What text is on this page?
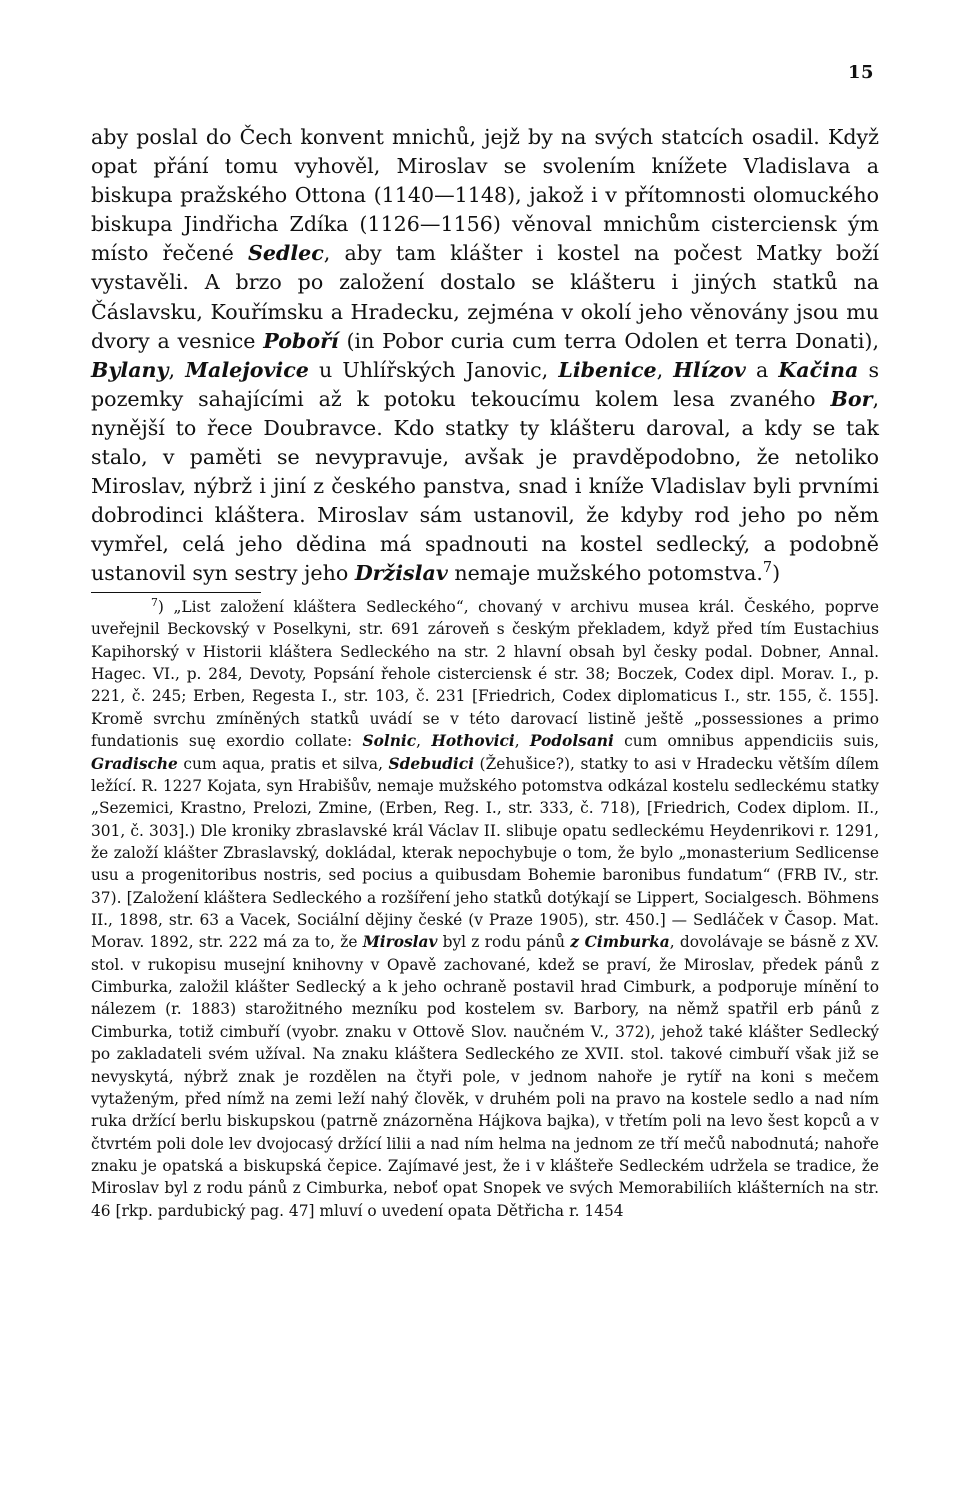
15

aby poslal do Čech konvent mnichů, jejž by na svých statcích osadil. Když opat přání tomu vyhověl, Miroslav se svolením knížete Vladislava a biskupa pražského Ottona (1140—1148), jakož i v přítomnosti olomuckého biskupa Jindřicha Zdíka (1126—1156) věnoval mnichům cisterciensk ým místo řečené Sedlec, aby tam klášter i kostel na počest Matky boží vystavěli. A brzo po založení dostalo se klášteru i jiných statků na Čáslavsku, Kouřímsku a Hradecku, zejména v okolí jeho věnovány jsou mu dvory a vesnice Poboří (in Pobor curia cum terra Odolen et terra Donati), Bylany, Malejovice u Uhlířských Janovic, Libenice, Hlízov a Kačina s pozemky sahajícími až k potoku tekoucímu kolem lesa zvaného Bor, nynější to řece Doubravce. Kdo statky ty klášteru daroval, a kdy se tak stalo, v paměti se nevypravuje, avšak je pravděpodobno, že netoliko Miroslav, nýbrž i jiní z českého panstva, snad i kníže Vladislav byli prvními dobrodinci kláštera. Miroslav sám ustanovil, že kdyby rod jeho po něm vymřel, celá jeho dědina má spadnouti na kostel sedlecký, a podobně ustanovil syn sestry jeho Držislav nemaje mužského potomstva.$^7$)

$^7$) „List založení kláštera Sedleckého“, chovaný v archivu musea král. Českého, poprve uveřejnil Beckovský v Poselkyni, str. 691 zároveň s českým překladem, když před tím Eustachius Kapihorský v Historii kláštera Sedleckého na str. 2 hlavní obsah byl česky podal. Dobner, Annal. Hagec. VI., p. 284, Devoty, Popsání řehole cisterciensk é str. 38; Boczek, Codex dipl. Morav. I., p. 221, č. 245; Erben, Regesta I., str. 103, č. 231 [Friedrich, Codex diplomaticus I., str. 155, č. 155]. Kromě svrchu zmíněných statků uvádí se v této darovací listině ještě „possessiones a primo fundationis suę exordio collate: Solnic, Hothovici, Podolsani cum omnibus appendiciis suis, Gradische cum aqua, pratis et silva, Sdebudici (Žehušice?), statky to asi v Hradecku větším dílem ležící. R. 1227 Kojata, syn Hrabišův, nemaje mužského potomstva odkázal kostelu sedleckému statky „Sezemici, Krastno, Prelozi, Zmine, (Erben, Reg. I., str. 333, č. 718), [Friedrich, Codex diplom. II., 301, č. 303].) Dle kroniky zbraslavské král Václav II. slibuje opatu sedleckému Heydenrikovi r. 1291, že založí klášter Zbraslavský, dokládal, kterak nepochybuje o tom, že bylo „monasterium Sedlicense usu a progenitoribus nostris, sed pocius a quibusdam Bohemie baronibus fundatum“ (FRB IV., str. 37). [Založení kláštera Sedleckého a rozšíření jeho statků dotýkají se Lippert, Socialgesch. Böhmens II., 1898, str. 63 a Vacek, Sociální dějiny české (v Praze 1905), str. 450.] — Sedláček v Časop. Mat. Morav. 1892, str. 222 má za to, že Miroslav byl z rodu pánů z Cimburka, dovolávaje se básně z XV. stol. v rukopisu musejní knihovny v Opavě zachované, kdež se praví, že Miroslav, předek pánů z Cimburka, založil klášter Sedlecký a k jeho ochraně postavil hrad Cimburk, a podporuje mínění to nálezem (r. 1883) starožitného mezníku pod kostelem sv. Barbory, na němž spatřil erb pánů z Cimburka, totiž cimbuří (vyobr. znaku v Ottově Slov. naučném V., 372), jehož také klášter Sedlecký po zakladateli svém užíval. Na znaku kláštera Sedleckého ze XVII. stol. takové cimbuří však již se nevyskytá, nýbrž znak je rozdělen na čtyři pole, v jednom nahoře je rytíř na koni s mečem vytaženým, před nímž na zemi leží nahý člověk, v druhém poli na pravo na kostele sedlo a nad ním ruka držící berlu biskupskou (patrně znázorněna Hájkova bajka), v třetím poli na levo šest kopců a v čtvrtém poli dole lev dvojocasý držící lilii a nad ním helma na jednom ze tří mečů nabodnutá; nahoře znaku je opatská a biskupská čepice. Zajímavé jest, že i v klášteře Sedleckém udržela se tradice, že Miroslav byl z rodu pánů z Cimburka, neboť opat Snopek ve svých Memorabiliích klášterních na str. 46 [rkp. pardubický pag. 47] mluví o uvedení opata Dětřicha r. 1454
